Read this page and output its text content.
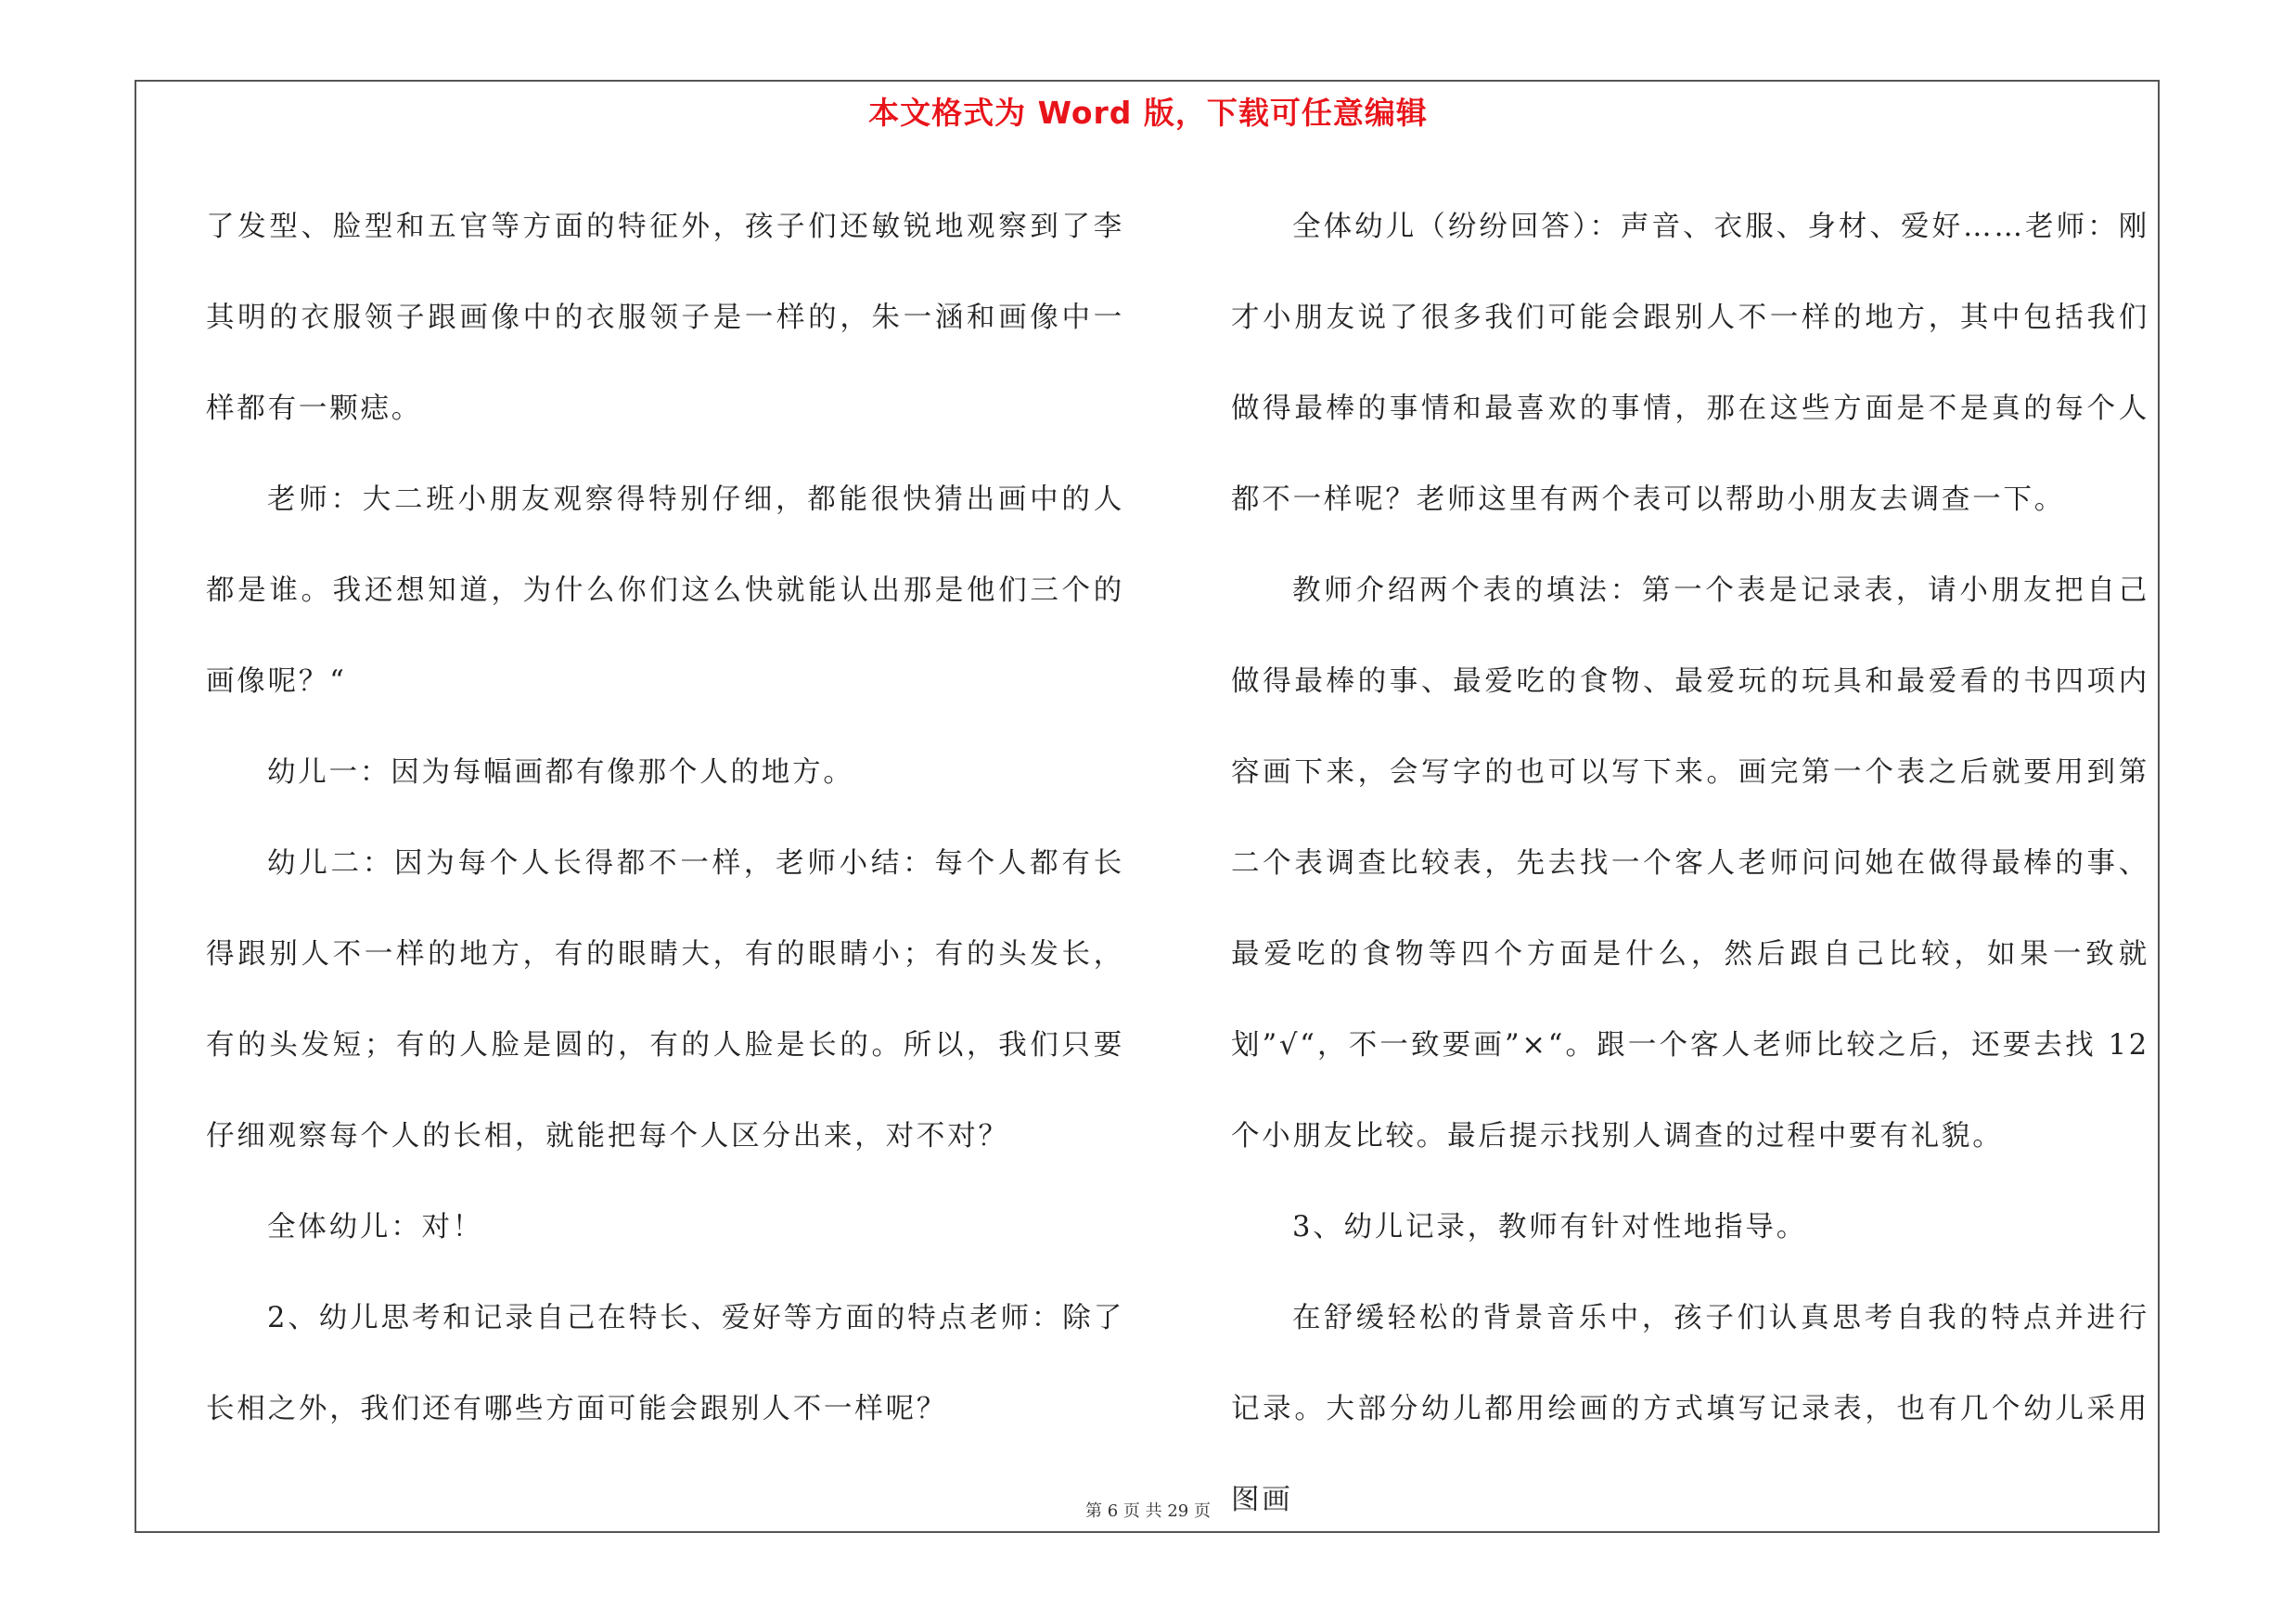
本文格式为 Word 版，下载可任意编辑

了发型、脸型和五官等方面的特征外，孩子们还敏锐地观察到了李其明的衣服领子跟画像中的衣服领子是一样的，朱一涵和画像中一样都有一颗痣。

老师：大二班小朋友观察得特别仔细，都能很快猜出画中的人都是谁。我还想知道，为什么你们这么快就能认出那是他们三个的画像呢？“

幼儿一：因为每幅画都有像那个人的地方。

幼儿二：因为每个人长得都不一样，老师小结：每个人都有长得跟别人不一样的地方，有的眼睛大，有的眼睛小；有的头发长，有的头发短；有的人脸是圆的，有的人脸是长的。所以，我们只要仔细观察每个人的长相，就能把每个人区分出来，对不对？

全体幼儿：对！

2、幼儿思考和记录自己在特长、爱好等方面的特点老师：除了长相之外，我们还有哪些方面可能会跟别人不一样呢？

全体幼儿（纷纷回答）：声音、衣服、身材、爱好……老师：刚才小朋友说了很多我们可能会跟别人不一样的地方，其中包括我们做得最棒的事情和最喜欢的事情，那在这些方面是不是真的每个人都不一样呢？老师这里有两个表可以帮助小朋友去调查一下。

教师介绍两个表的填法：第一个表是记录表，请小朋友把自己做得最棒的事、最爱吃的食物、最爱玩的玩具和最爱看的书四项内容画下来，会写字的也可以写下来。画完第一个表之后就要用到第二个表调查比较表，先去找一个客人老师问问她在做得最棒的事、最爱吃的食物等四个方面是什么，然后跟自己比较，如果一致就划”√“，不一致要画”×“。跟一个客人老师比较之后，还要去找 12 个小朋友比较。最后提示找别人调查的过程中要有礼貌。

3、幼儿记录，教师有针对性地指导。

在舒缓轻松的背景音乐中，孩子们认真思考自我的特点并进行记录。大部分幼儿都用绘画的方式填写记录表，也有几个幼儿采用图画

第 6 页 共 29 页
